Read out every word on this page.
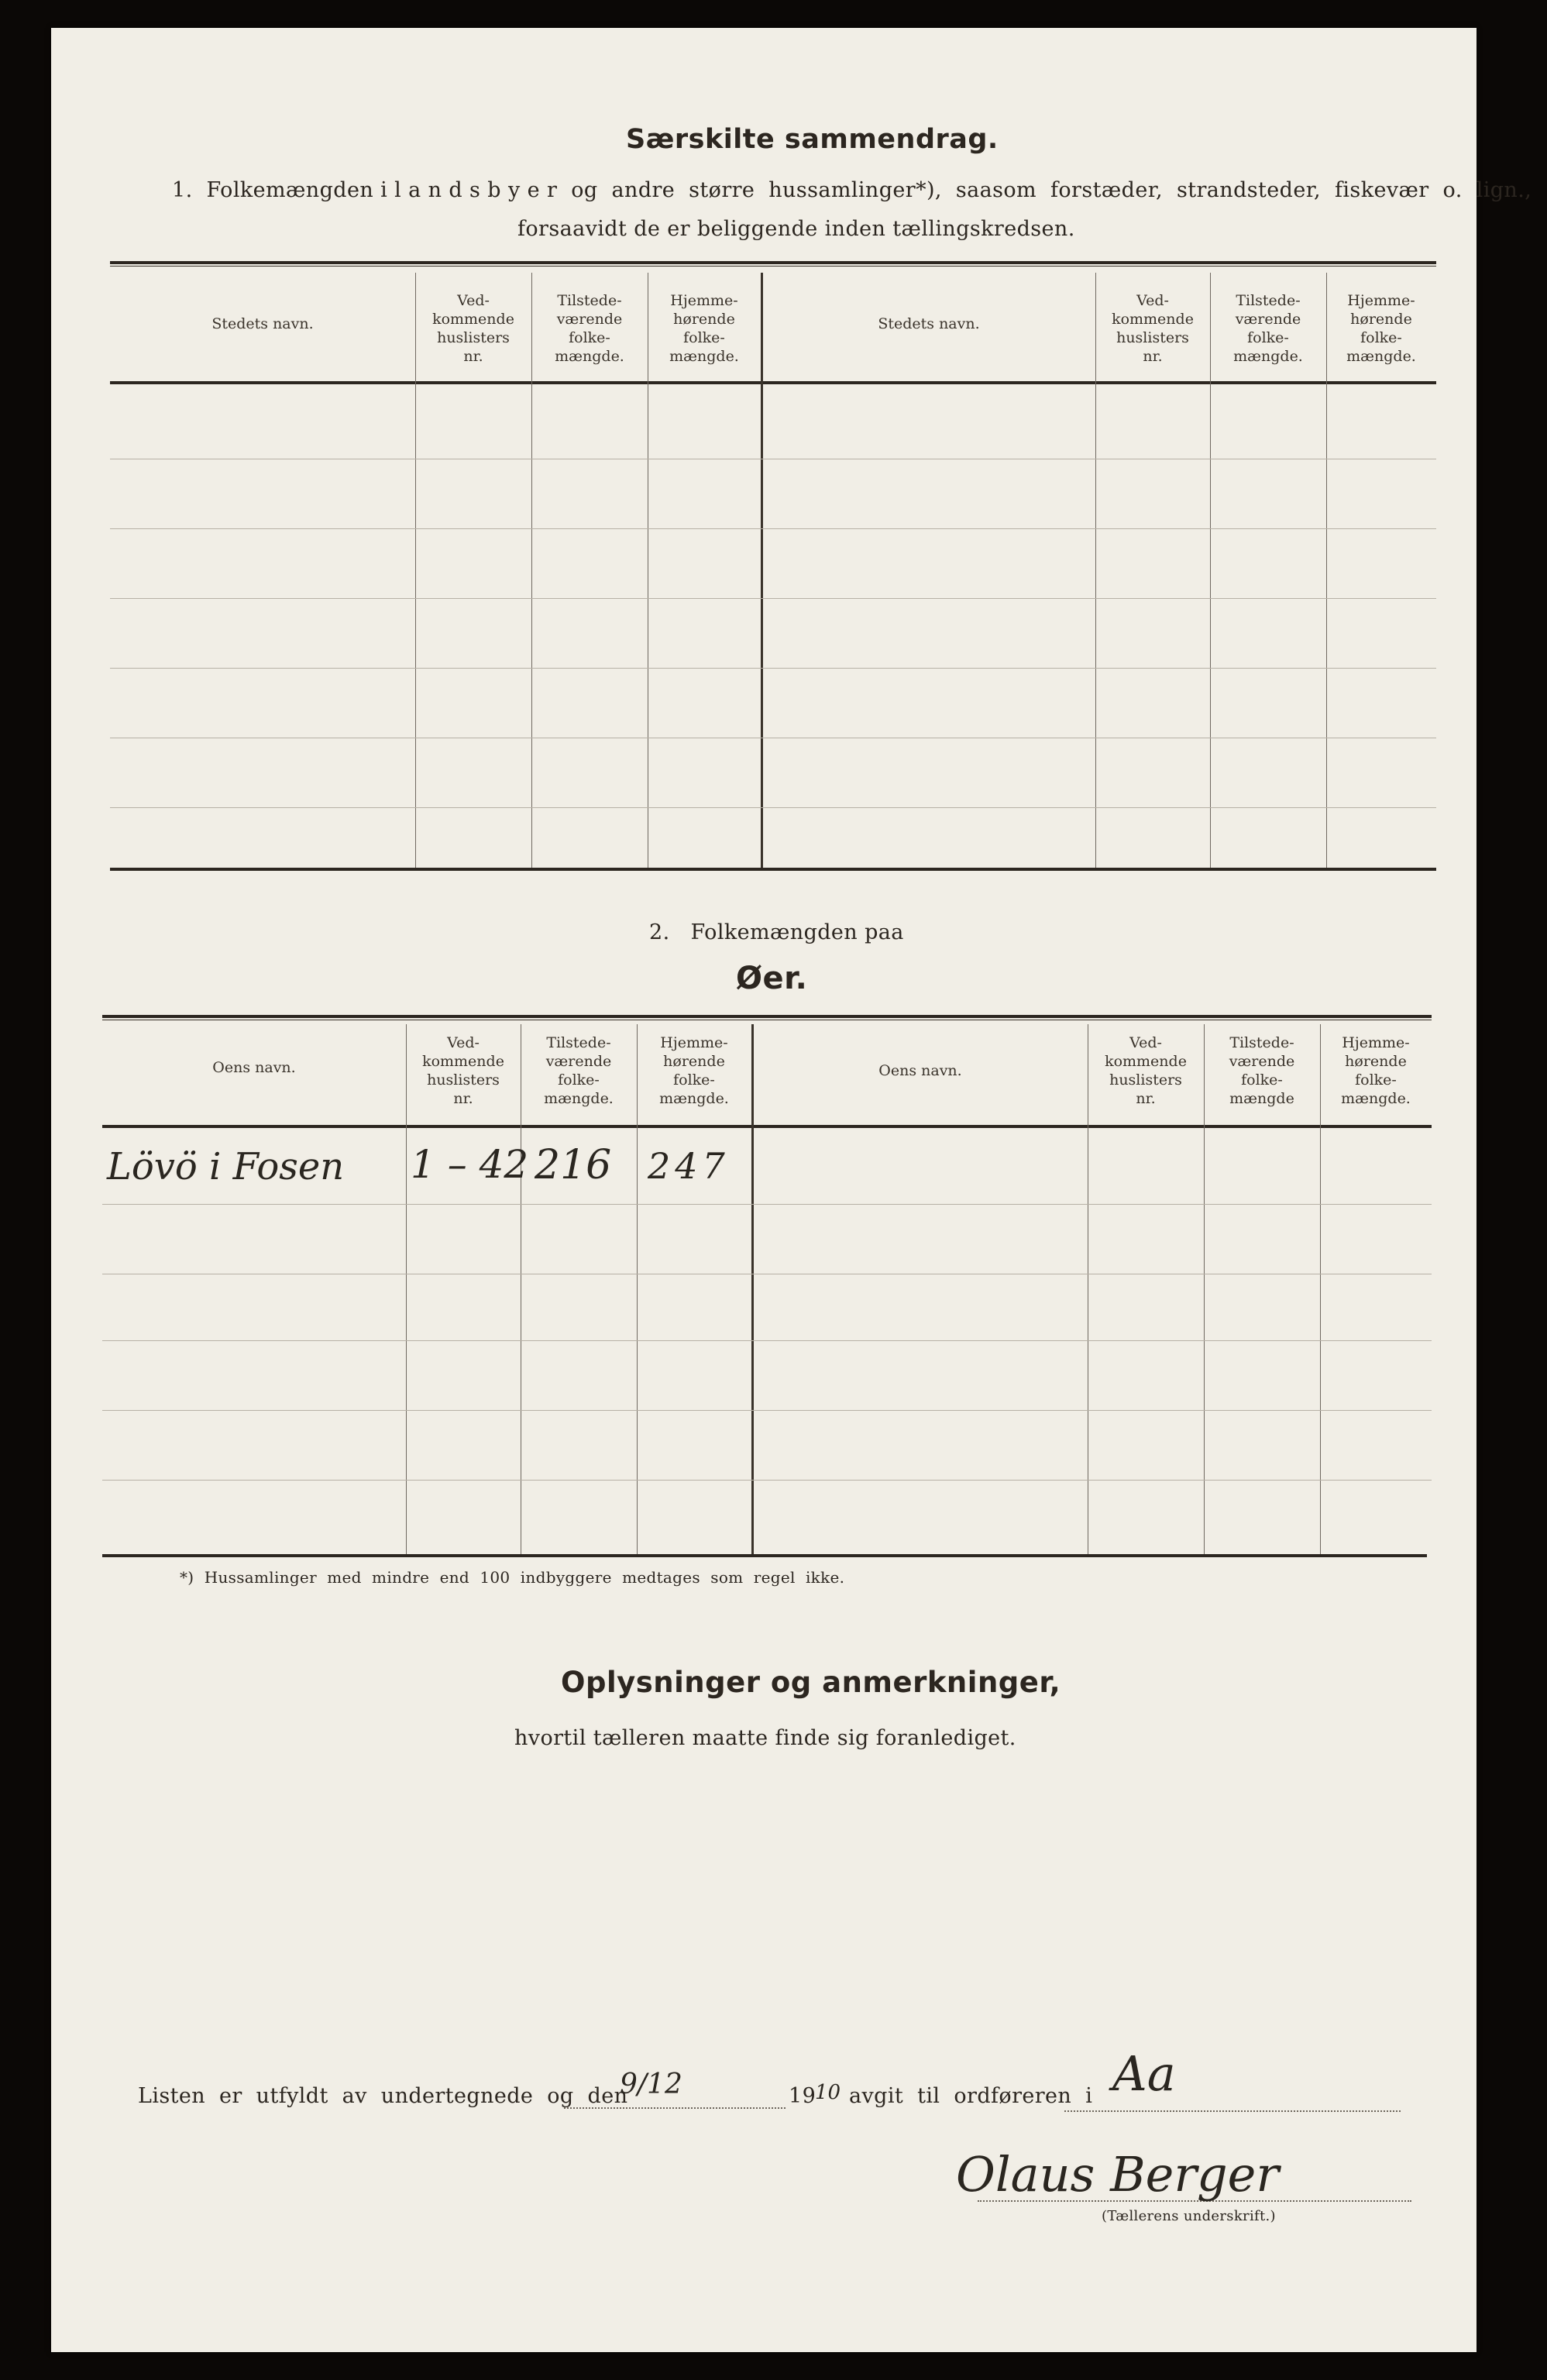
Særskilte sammendrag.
1.  Folkemængden i l a n d s b y e r  og  andre  større  hussamlinger*),  saasom  forstæder,  strandsteder,  fiskevær  o.  lign.,
forsaavidt de er beliggende inden tællingskredsen.
Stedets navn.
Ved-
kommende
huslisters
nr.
Tilstede-
værende
folke-
mængde.
Hjemme-
hørende
folke-
mængde.
Stedets navn.
Ved-
kommende
huslisters
nr.
Tilstede-
værende
folke-
mængde.
Hjemme-
hørende
folke-
mængde.
2.   Folkemængden paa
Øer.
Oens navn.
Ved-
kommende
huslisters
nr.
Tilstede-
værende
folke-
mængde.
Hjemme-
hørende
folke-
mængde.
Oens navn.
Ved-
kommende
huslisters
nr.
Tilstede-
værende
folke-
mængde
Hjemme-
hørende
folke-
mængde.
Lövö i Fosen 1 – 42 216 247
*)  Hussamlinger  med  mindre  end  100  indbyggere  medtages  som  regel  ikke.
Oplysninger og anmerkninger,
hvortil tælleren maatte finde sig foranlediget.
Listen  er  utfyldt  av  undertegnede  og  den
9/12	19
10 avgit  til  ordføreren  i Aa
Olaus Berger
(Tællerens underskrift.)
